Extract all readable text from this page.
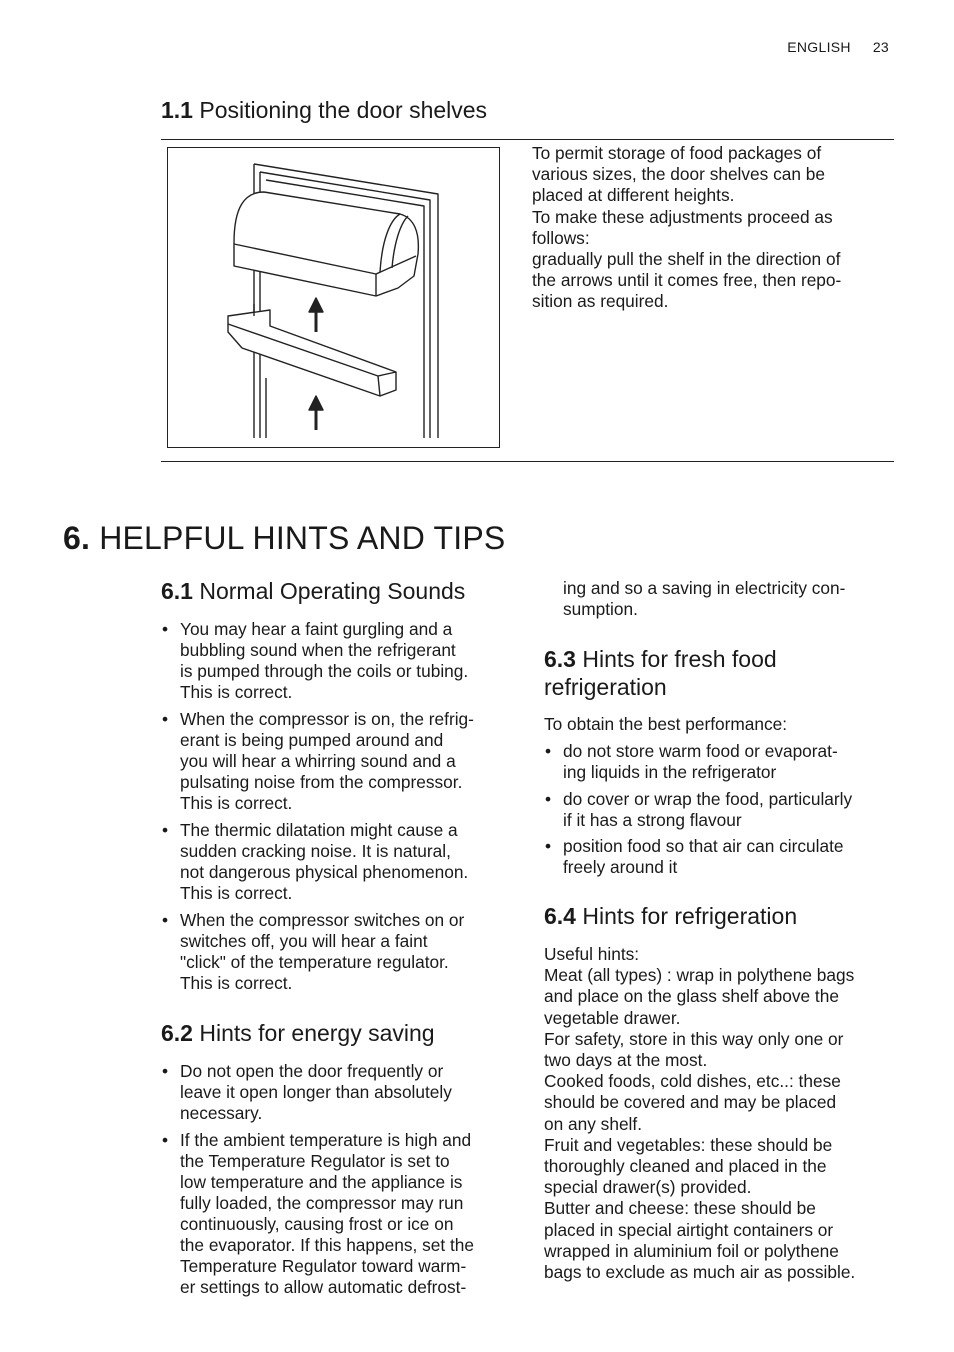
ENGLISH 23
1.1 Positioning the door shelves
To permit storage of food packages of
various sizes, the door shelves can be
placed at different heights.
To make these adjustments proceed as
follows:
gradually pull the shelf in the direction of
the arrows until it comes free, then repo-
sition as required.
6. HELPFUL HINTS AND TIPS
6.1 Normal Operating Sounds
• You may hear a faint gurgling and a
bubbling sound when the refrigerant
is pumped through the coils or tubing.
This is correct.
• When the compressor is on, the refrig-
erant is being pumped around and
you will hear a whirring sound and a
pulsating noise from the compressor.
This is correct.
• The thermic dilatation might cause a
sudden cracking noise. It is natural,
not dangerous physical phenomenon.
This is correct.
• When the compressor switches on or
switches off, you will hear a faint
"click" of the temperature regulator.
This is correct.
6.2 Hints for energy saving
• Do not open the door frequently or
leave it open longer than absolutely
necessary.
• If the ambient temperature is high and
the Temperature Regulator is set to
low temperature and the appliance is
fully loaded, the compressor may run
continuously, causing frost or ice on
the evaporator. If this happens, set the
Temperature Regulator toward warm-
er settings to allow automatic defrost-
ing and so a saving in electricity con-
sumption.
6.3 Hints for fresh food
refrigeration
To obtain the best performance:
• do not store warm food or evaporat-
ing liquids in the refrigerator
• do cover or wrap the food, particularly
if it has a strong flavour
• position food so that air can circulate
freely around it
6.4 Hints for refrigeration
Useful hints:
Meat (all types) : wrap in polythene bags
and place on the glass shelf above the
vegetable drawer.
For safety, store in this way only one or
two days at the most.
Cooked foods, cold dishes, etc..: these
should be covered and may be placed
on any shelf.
Fruit and vegetables: these should be
thoroughly cleaned and placed in the
special drawer(s) provided.
Butter and cheese: these should be
placed in special airtight containers or
wrapped in aluminium foil or polythene
bags to exclude as much air as possible.
